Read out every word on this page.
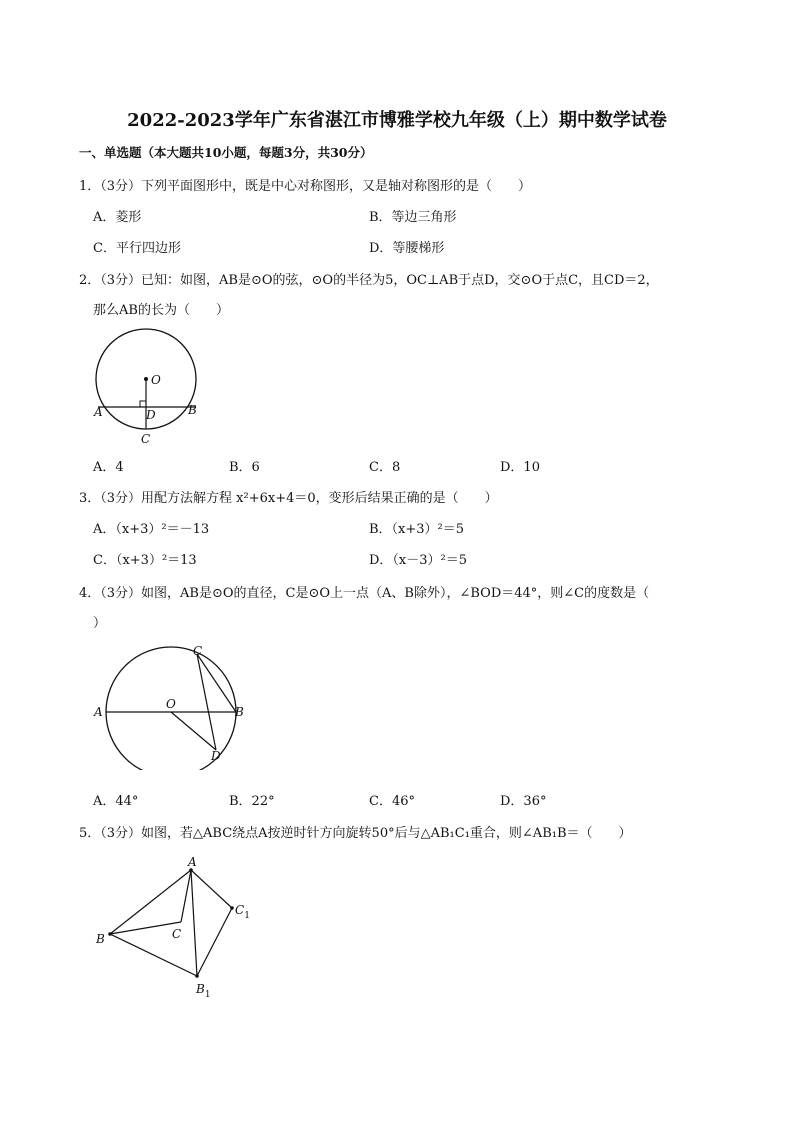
2022-2023学年广东省湛江市博雅学校九年级（上）期中数学试卷
一、单选题（本大题共10小题，每题3分，共30分）
1．（3分）下列平面图形中，既是中心对称图形，又是轴对称图形的是（　　）
A．菱形	B．等边三角形
C．平行四边形	D．等腰梯形
2．（3分）已知：如图，AB是⊙O的弦，⊙O的半径为5，OC⊥AB于点D，交⊙O于点C，且CD＝2，
那么AB的长为（　　）
O
A	B
D
C
A．4	B．6	C．8	D．10
3．（3分）用配方法解方程 x²+6x+4＝0，变形后结果正确的是（　　）
A．（x+3）²＝－13	B．（x+3）²＝5
C．（x+3）²＝13	D．（x－3）²＝5
4．（3分）如图，AB是⊙O的直径，C是⊙O上一点（A、B除外），∠BOD＝44°，则∠C的度数是（
）
A	B
O
C
D
A．44°	B．22°	C．46°	D．36°
5．（3分）如图，若△ABC绕点A按逆时针方向旋转50°后与△AB₁C₁重合，则∠AB₁B＝（　　）
A
B	C
$C_1$
$B_1$
